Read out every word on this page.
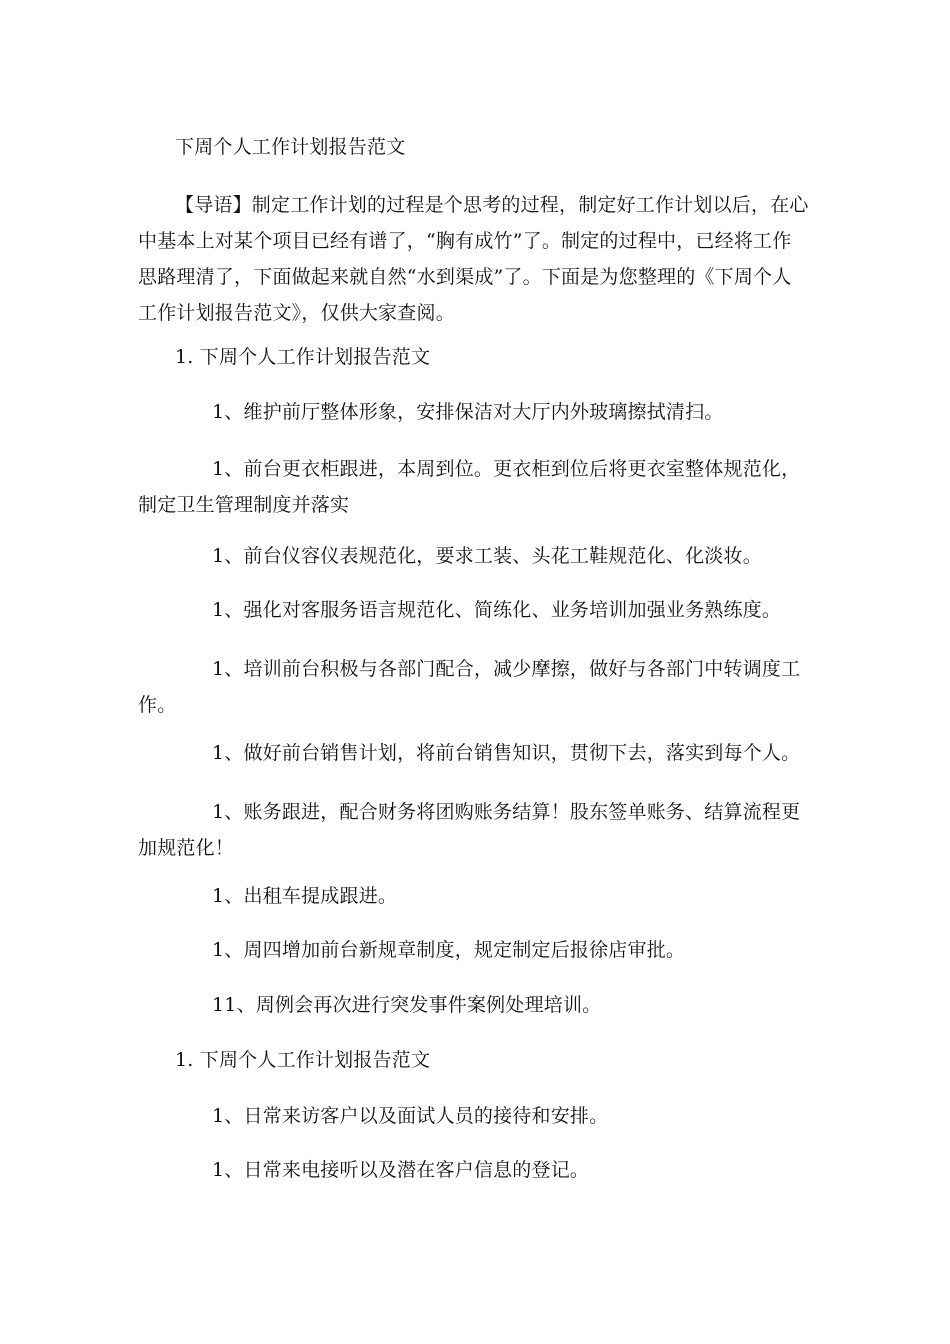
下周个人工作计划报告范文
【导语】制定工作计划的过程是个思考的过程，制定好工作计划以后，在心中基本上对某个项目已经有谱了，“胸有成竹”了。制定的过程中，已经将工作思路理清了，下面做起来就自然“水到渠成”了。下面是为您整理的《下周个人工作计划报告范文》，仅供大家查阅。
1. 下周个人工作计划报告范文
1、维护前厅整体形象，安排保洁对大厅内外玻璃擦拭清扫。
1、前台更衣柜跟进，本周到位。更衣柜到位后将更衣室整体规范化，制定卫生管理制度并落实
1、前台仪容仪表规范化，要求工装、头花工鞋规范化、化淡妆。
1、强化对客服务语言规范化、简练化、业务培训加强业务熟练度。
1、培训前台积极与各部门配合，减少摩擦，做好与各部门中转调度工作。
1、做好前台销售计划，将前台销售知识，贯彻下去，落实到每个人。
1、账务跟进，配合财务将团购账务结算！股东签单账务、结算流程更加规范化！
1、出租车提成跟进。
1、周四增加前台新规章制度，规定制定后报徐店审批。
11、周例会再次进行突发事件案例处理培训。
1. 下周个人工作计划报告范文
1、日常来访客户以及面试人员的接待和安排。
1、日常来电接听以及潜在客户信息的登记。
